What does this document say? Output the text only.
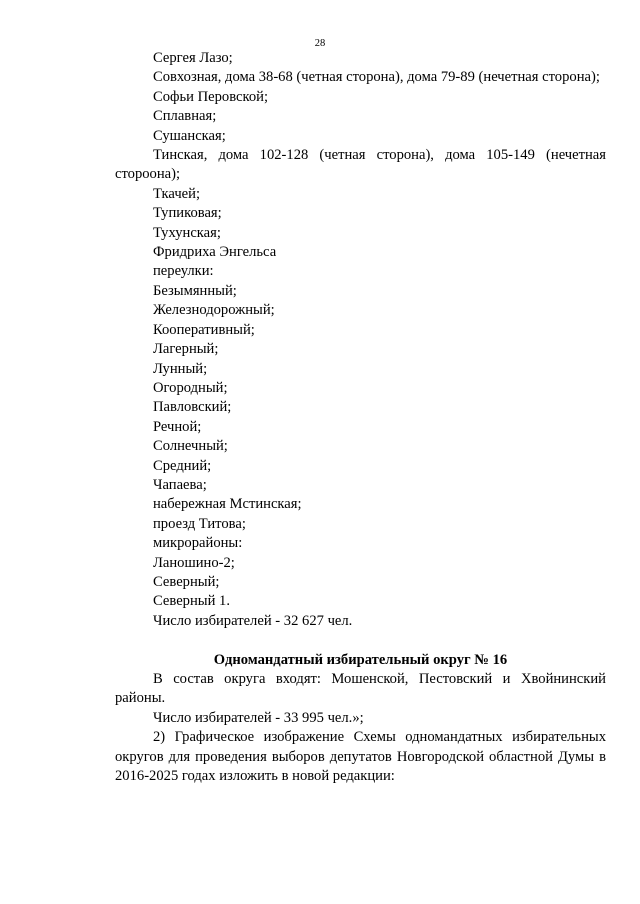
28
Сергея Лазо;
Совхозная, дома 38-68 (четная сторона), дома 79-89 (нечетная сторона);
Софьи Перовской;
Сплавная;
Сушанская;
Тинская, дома 102-128 (четная сторона), дома 105-149 (нечетная стороона);
Ткачей;
Тупиковая;
Тухунская;
Фридриха Энгельса
переулки:
Безымянный;
Железнодорожный;
Кооперативный;
Лагерный;
Лунный;
Огородный;
Павловский;
Речной;
Солнечный;
Средний;
Чапаева;
набережная Мстинская;
проезд Титова;
микрорайоны:
Ланошино-2;
Северный;
Северный 1.
Число избирателей - 32 627 чел.
Одномандатный избирательный округ № 16
В состав округа входят: Мошенской, Пестовский и Хвойнинский районы.
Число избирателей - 33 995 чел.»;
2) Графическое изображение Схемы одномандатных избирательных округов для проведения выборов депутатов Новгородской областной Думы в 2016-2025 годах изложить в новой редакции:
